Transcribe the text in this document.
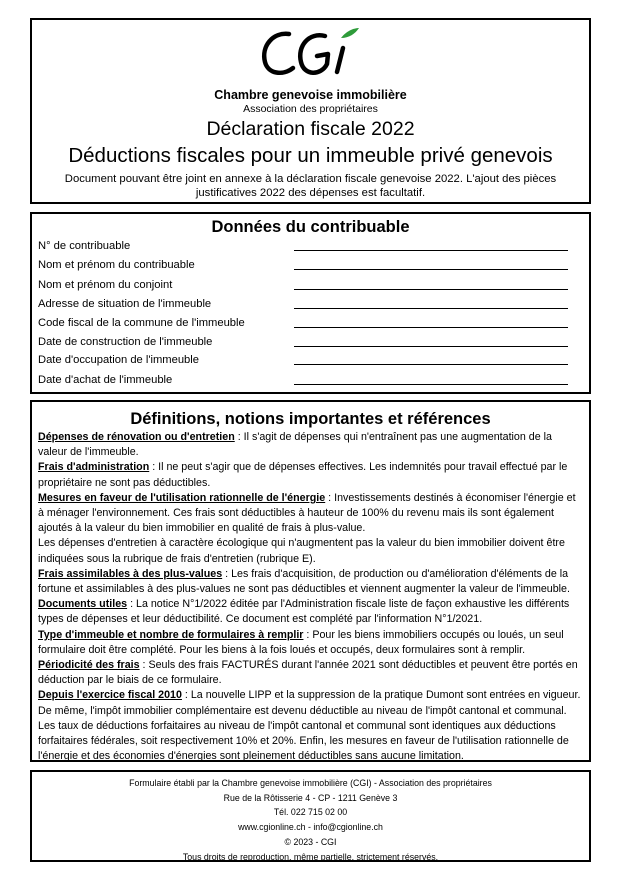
Chambre genevoise immobilière
Association des propriétaires
Déclaration fiscale 2022
Déductions fiscales pour un immeuble privé genevois
Document pouvant être joint en annexe à la déclaration fiscale genevoise 2022. L'ajout des pièces justificatives 2022 des dépenses est facultatif.
Données du contribuable
N° de contribuable
Nom et prénom du contribuable
Nom et prénom du conjoint
Adresse de situation de l'immeuble
Code fiscal de la commune de l'immeuble
Date de construction de l'immeuble
Date d'occupation de l'immeuble
Date d'achat de l'immeuble
Définitions, notions importantes et références

Dépenses de rénovation ou d'entretien : Il s'agit de dépenses qui n'entraînent pas une augmentation de la valeur de l'immeuble.

Frais d'administration : Il ne peut s'agir que de dépenses effectives. Les indemnités pour travail effectué par le propriétaire ne sont pas déductibles.

Mesures en faveur de l'utilisation rationnelle de l'énergie : Investissements destinés à économiser l'énergie et à ménager l'environnement. Ces frais sont déductibles à hauteur de 100% du revenu mais ils sont également ajoutés à la valeur du bien immobilier en qualité de frais à plus-value.

Les dépenses d'entretien à caractère écologique qui n'augmentent pas la valeur du bien immobilier doivent être indiquées sous la rubrique de frais d'entretien (rubrique E).

Frais assimilables à des plus-values : Les frais d'acquisition, de production ou d'amélioration d'éléments de la fortune et assimilables à des plus-values ne sont pas déductibles et viennent augmenter la valeur de l'immeuble.

Documents utiles : La notice N°1/2022 éditée par l'Administration fiscale liste de façon exhaustive les différents types de dépenses et leur déductibilité. Ce document est complété par l'information N°1/2021.

Type d'immeuble et nombre de formulaires à remplir : Pour les biens immobiliers occupés ou loués, un seul formulaire doit être complété. Pour les biens à la fois loués et occupés, deux formulaires sont à remplir.

Périodicité des frais : Seuls des frais FACTURÉS durant l'année 2021 sont déductibles et peuvent être portés en déduction par le biais de ce formulaire.

Depuis l'exercice fiscal 2010 : La nouvelle LIPP et la suppression de la pratique Dumont sont entrées en vigueur. De même, l'impôt immobilier complémentaire est devenu déductible au niveau de l'impôt cantonal et communal. Les taux de déductions forfaitaires au niveau de l'impôt cantonal et communal sont identiques aux déductions forfaitaires fédérales, soit respectivement 10% et 20%. Enfin, les mesures en faveur de l'utilisation rationnelle de l'énergie et des économies d'énergies sont pleinement déductibles sans aucune limitation.

Formulaire établi par la Chambre genevoise immobilière (CGI) - Association des propriétaires
Rue de la Rôtisserie 4 - CP - 1211 Genève 3
Tél. 022 715 02 00
www.cgionline.ch - info@cgionline.ch
© 2023 - CGI
Tous droits de reproduction, même partielle, strictement réservés.
